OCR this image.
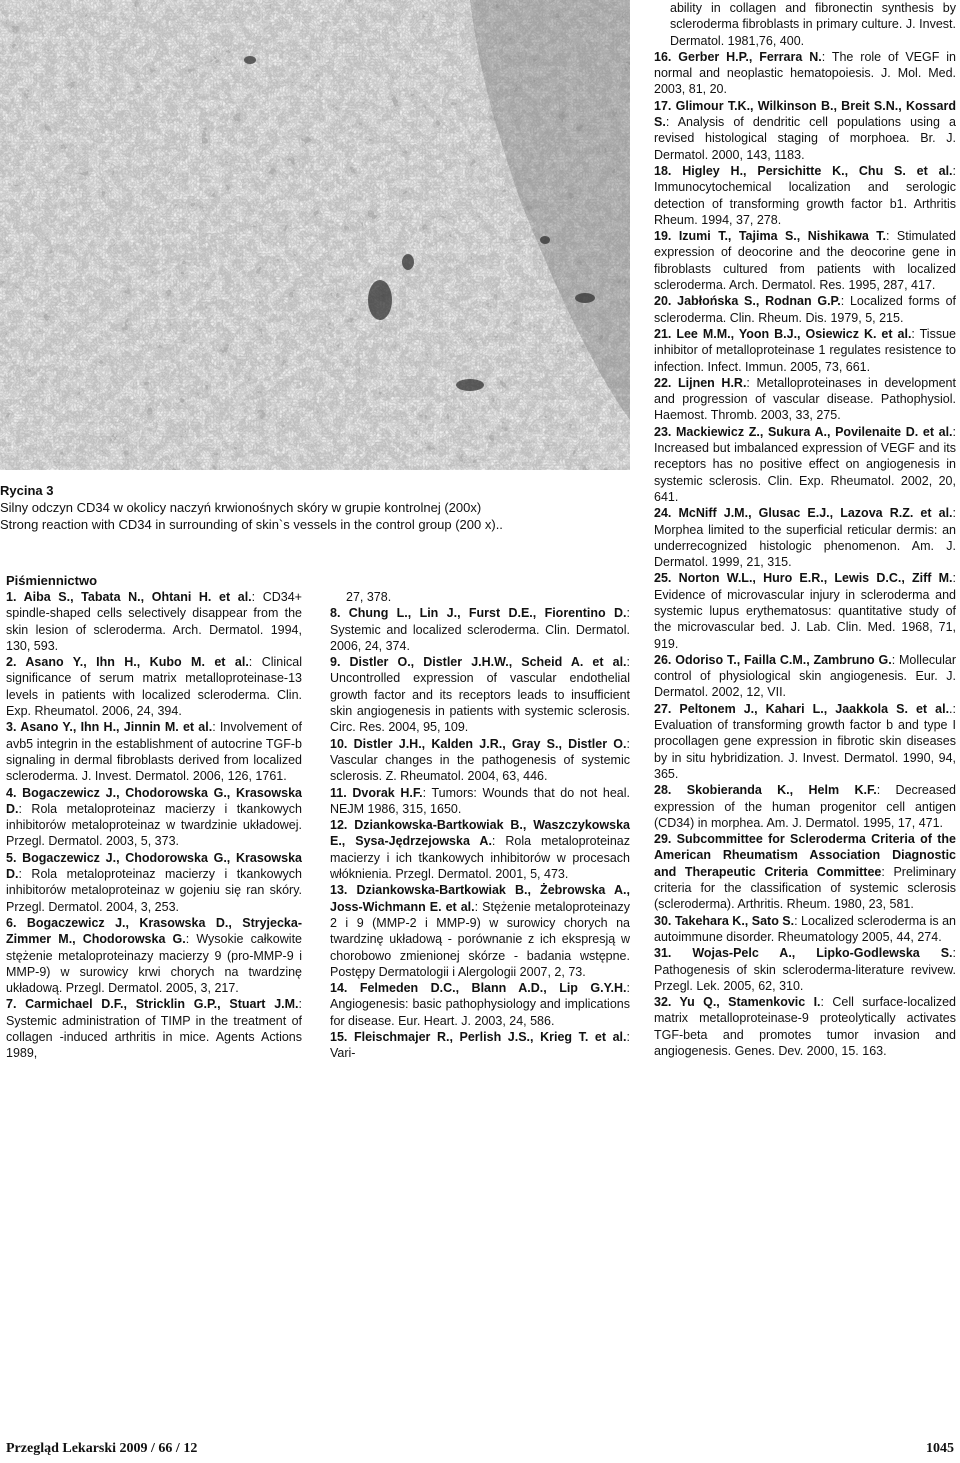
Rycina 3
Silny odczyn CD34 w okolicy naczyń krwionośnych skóry w grupie kontrolnej (200x)
Strong reaction with CD34 in surrounding of skin`s vessels in the control group (200 x)..
Piśmiennictwo

1. Aiba S., Tabata N., Ohtani H. et al.: CD34+ spindle-shaped cells selectively disappear from the skin lesion of scleroderma. Arch. Dermatol. 1994, 130, 593.

2. Asano Y., Ihn H., Kubo M. et al.: Clinical significance of serum matrix metalloproteinase-13 levels in patients with localized scleroderma. Clin. Exp. Rheumatol. 2006, 24, 394.

3. Asano Y., Ihn H., Jinnin M. et al.: Involvement of avb5 integrin in the establishment of autocrine TGF-b signaling in dermal fibroblasts derived from localized scleroderma. J. Invest. Dermatol. 2006, 126, 1761.

4. Bogaczewicz J., Chodorowska G., Krasowska D.: Rola metaloproteinaz macierzy i tkankowych inhibitorów metaloproteinaz w twardzinie układowej. Przegl. Dermatol. 2003, 5, 373.

5. Bogaczewicz J., Chodorowska G., Krasowska D.: Rola metaloproteinaz macierzy i tkankowych inhibitorów metaloproteinaz w gojeniu się ran skóry. Przegl. Dermatol. 2004, 3, 253.

6. Bogaczewicz J., Krasowska D., Stryjecka-Zimmer M., Chodorowska G.: Wysokie całkowite stężenie metaloproteinazy macierzy 9 (pro-MMP-9 i MMP-9) w surowicy krwi chorych na twardzinę układową. Przegl. Dermatol. 2005, 3, 217.

7. Carmichael D.F., Stricklin G.P., Stuart J.M.: Systemic administration of TIMP in the treatment of collagen -induced arthritis in mice. Agents Actions 1989,

27, 378.

8. Chung L., Lin J., Furst D.E., Fiorentino D.: Systemic and localized scleroderma. Clin. Dermatol. 2006, 24, 374.

9. Distler O., Distler J.H.W., Scheid A. et al.: Uncontrolled expression of vascular endothelial growth factor and its receptors leads to insufficient skin angiogenesis in patients with systemic sclerosis. Circ. Res. 2004, 95, 109.

10. Distler J.H., Kalden J.R., Gray S., Distler O.: Vascular changes in the pathogenesis of systemic sclerosis. Z. Rheumatol. 2004, 63, 446.

11. Dvorak H.F.: Tumors: Wounds that do not heal. NEJM 1986, 315, 1650.

12. Dziankowska-Bartkowiak B., Waszczykowska E., Sysa-Jędrzejowska A.: Rola metaloproteinaz macierzy i ich tkankowych inhibitorów w procesach włóknienia. Przegl. Dermatol. 2001, 5, 473.

13. Dziankowska-Bartkowiak B., Żebrowska A., Joss-Wichmann E. et al.: Stężenie metaloproteinazy 2 i 9 (MMP-2 i MMP-9) w surowicy chorych na twardzinę układową - porównanie z ich ekspresją w chorobowo zmienionej skórze - badania wstępne. Postępy Dermatologii i Alergologii 2007, 2, 73.

14. Felmeden D.C., Blann A.D., Lip G.Y.H.: Angiogenesis: basic pathophysiology and implications for disease. Eur. Heart. J. 2003, 24, 586.

15. Fleischmajer R., Perlish J.S., Krieg T. et al.: Vari-

ability in collagen and fibronectin synthesis by scleroderma fibroblasts in primary culture. J. Invest. Dermatol. 1981,76, 400.

16. Gerber H.P., Ferrara N.: The role of VEGF in normal and neoplastic hematopoiesis. J. Mol. Med. 2003, 81, 20.

17. Glimour T.K., Wilkinson B., Breit S.N., Kossard S.: Analysis of dendritic cell populations using a revised histological staging of morphoea. Br. J. Dermatol. 2000, 143, 1183.

18. Higley H., Persichitte K., Chu S. et al.: Immunocytochemical localization and serologic detection of transforming growth factor b1. Arthritis Rheum. 1994, 37, 278.

19. Izumi T., Tajima S., Nishikawa T.: Stimulated expression of deocorine and the deocorine gene in fibroblasts cultured from patients with localized scleroderma. Arch. Dermatol. Res. 1995, 287, 417.

20. Jabłońska S., Rodnan G.P.: Localized forms of scleroderma. Clin. Rheum. Dis. 1979, 5, 215.

21. Lee M.M., Yoon B.J., Osiewicz K. et al.: Tissue inhibitor of metalloproteinase 1 regulates resistence to infection. Infect. Immun. 2005, 73, 661.

22. Lijnen H.R.: Metalloproteinases in development and progression of vascular disease. Pathophysiol. Haemost. Thromb. 2003, 33, 275.

23. Mackiewicz Z., Sukura A., Povilenaite D. et al.: Increased but imbalanced expression of VEGF and its receptors has no positive effect on angiogenesis in systemic sclerosis. Clin. Exp. Rheumatol. 2002, 20, 641.

24. McNiff J.M., Glusac E.J., Lazova R.Z. et al.: Morphea limited to the superficial reticular dermis: an underrecognized histologic phenomenon. Am. J. Dermatol. 1999, 21, 315.

25. Norton W.L., Huro E.R., Lewis D.C., Ziff M.: Evidence of microvascular injury in scleroderma and systemic lupus erythematosus: quantitative study of the microvascular bed. J. Lab. Clin. Med. 1968, 71, 919.

26. Odoriso T., Failla C.M., Zambruno G.: Mollecular control of physiological skin angiogenesis. Eur. J. Dermatol. 2002, 12, VII.

27. Peltonem J., Kahari L., Jaakkola S. et al..: Evaluation of transforming growth factor b and type I procollagen gene expression in fibrotic skin diseases by in situ hybridization. J. Invest. Dermatol. 1990, 94, 365.

28. Skobieranda K., Helm K.F.: Decreased expression of the human progenitor cell antigen (CD34) in morphea. Am. J. Dermatol. 1995, 17, 471.

29. Subcommittee for Scleroderma Criteria of the American Rheumatism Association Diagnostic and Therapeutic Criteria Committee: Preliminary criteria for the classification of systemic sclerosis (scleroderma). Arthritis. Rheum. 1980, 23, 581.

30. Takehara K., Sato S.: Localized scleroderma is an autoimmune disorder. Rheumatology 2005, 44, 274.

31. Wojas-Pelc A., Lipko-Godlewska S.: Pathogenesis of skin scleroderma-literature revivew. Przegl. Lek. 2005, 62, 310.

32. Yu Q., Stamenkovic I.: Cell surface-localized matrix metalloproteinase-9 proteolytically activates TGF-beta and promotes tumor invasion and angiogenesis. Genes. Dev. 2000, 15. 163.

Przegląd Lekarski 2009 / 66 / 12	1045
